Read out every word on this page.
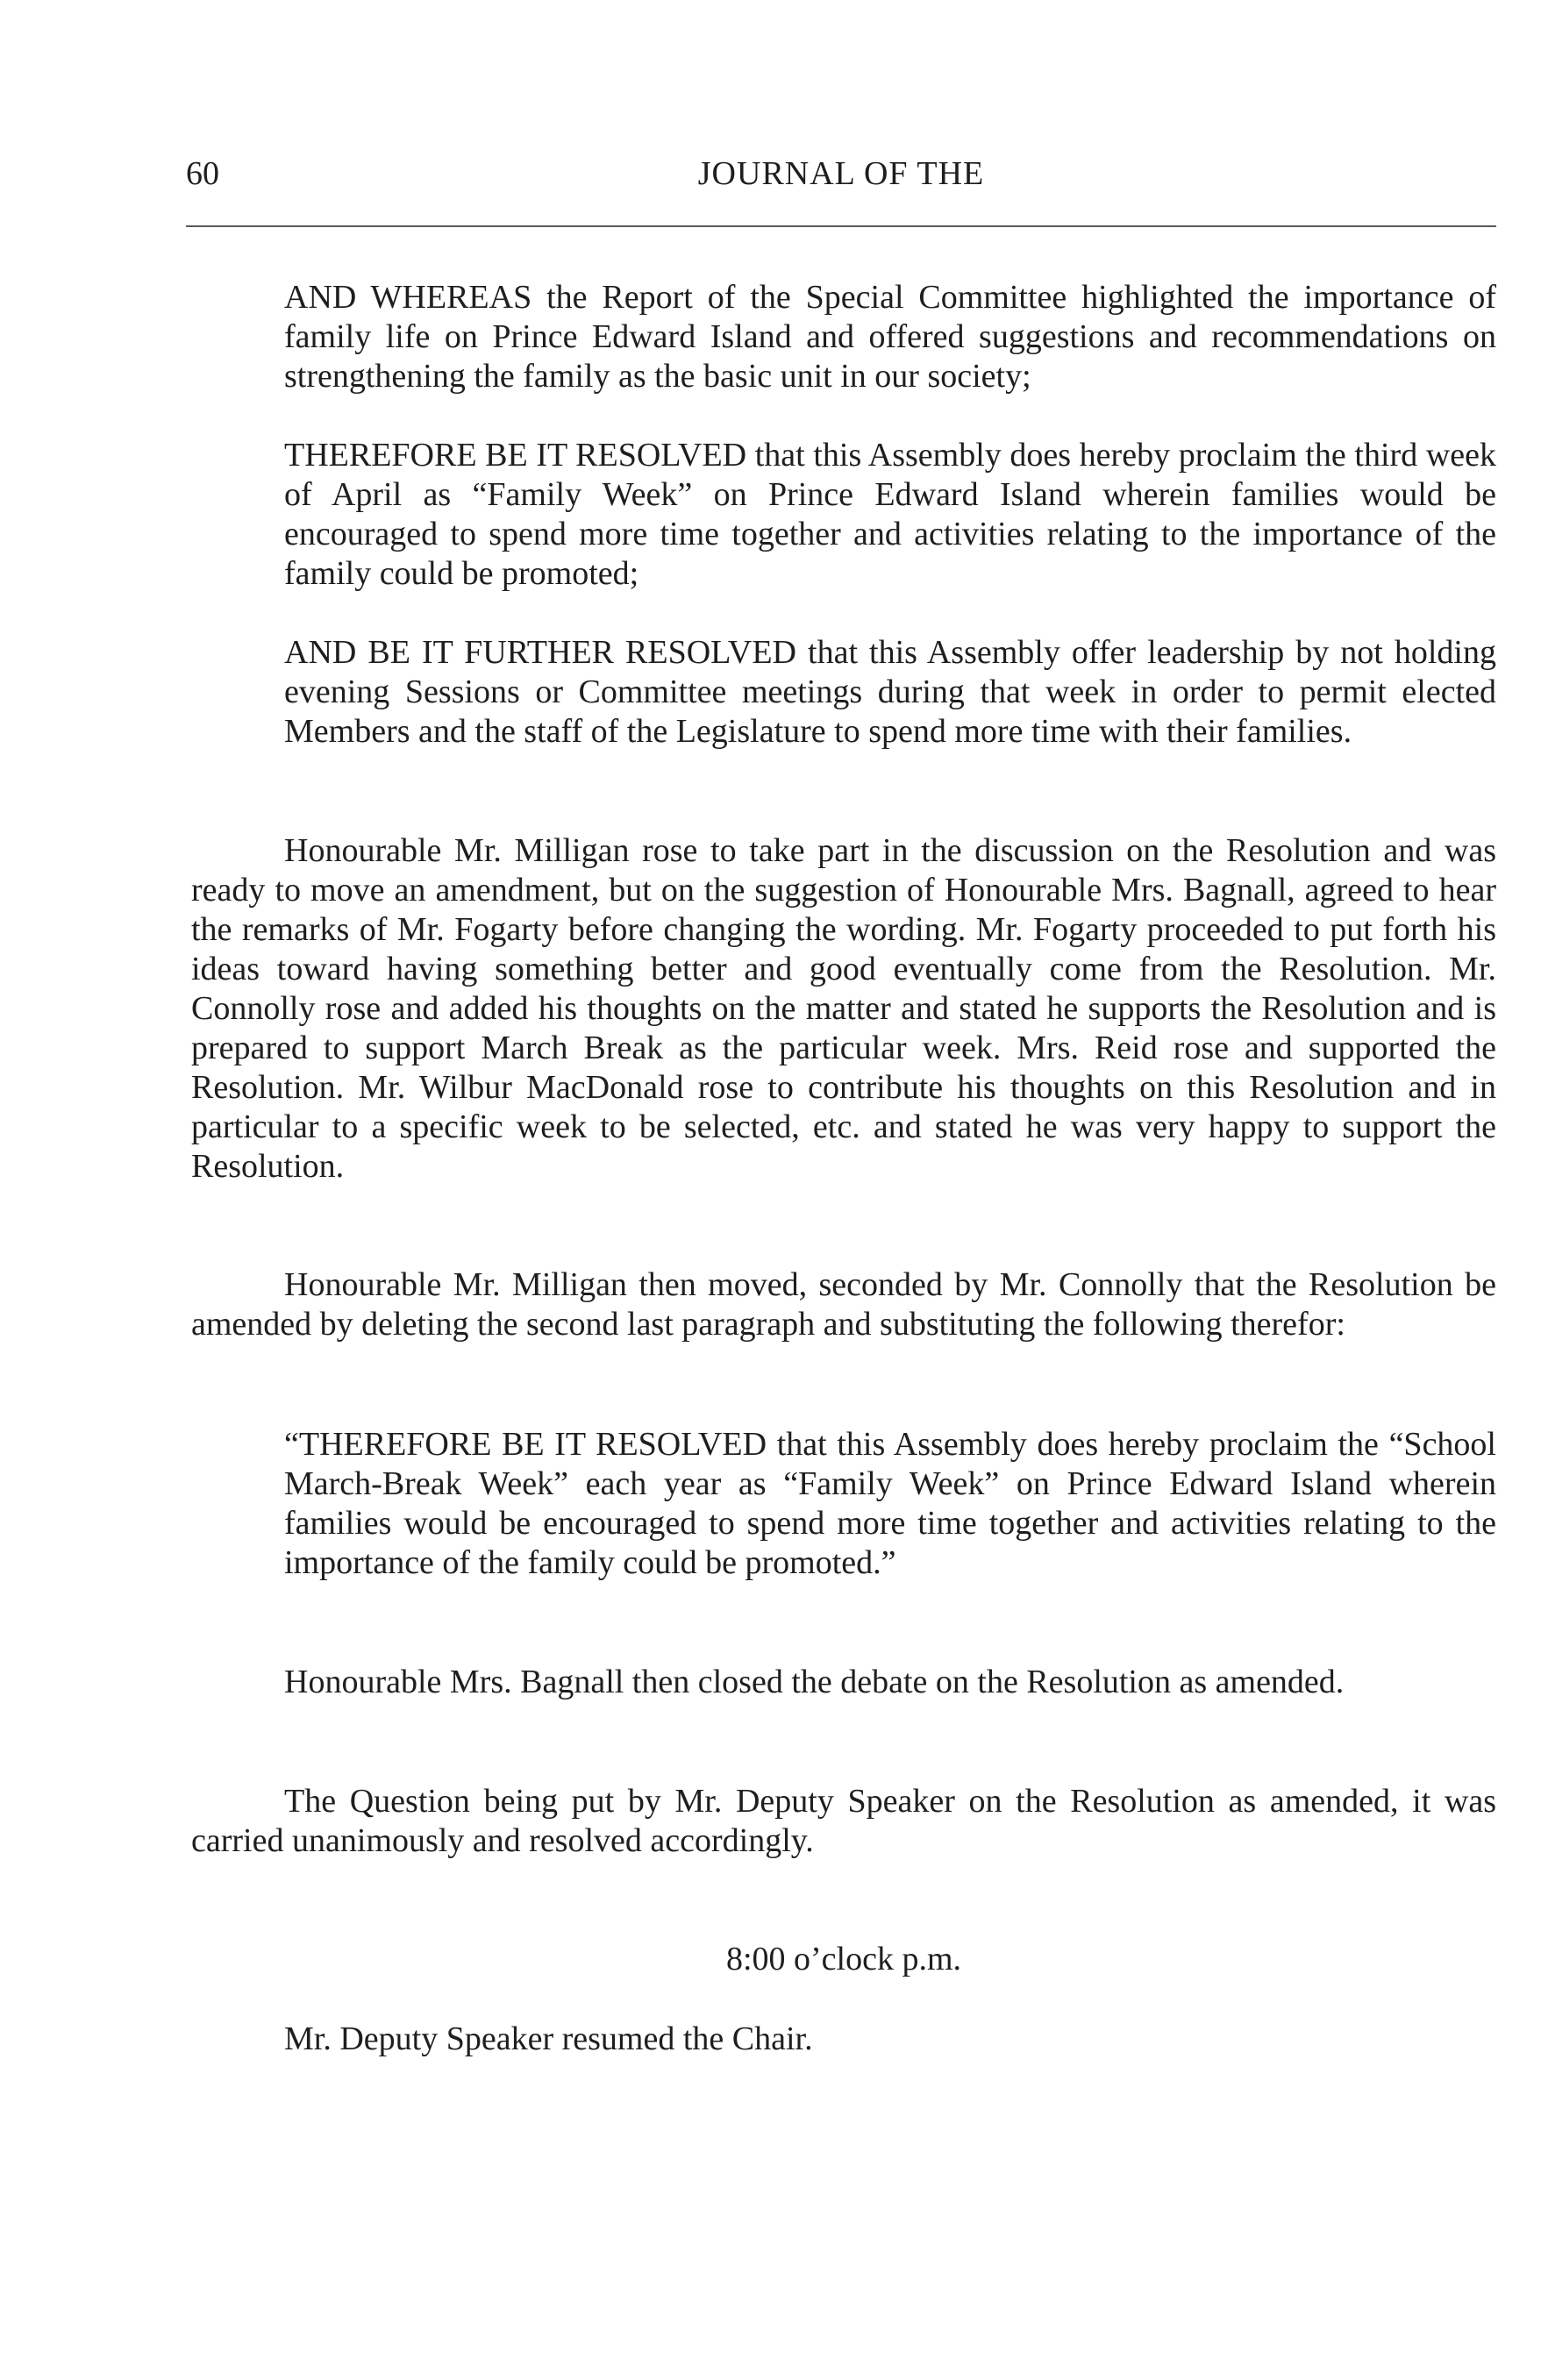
60	JOURNAL OF THE

AND WHEREAS the Report of the Special Committee highlighted the importance of family life on Prince Edward Island and offered suggestions and recommendations on strengthening the family as the basic unit in our society;

THEREFORE BE IT RESOLVED that this Assembly does hereby proclaim the third week of April as “Family Week” on Prince Edward Island wherein families would be encouraged to spend more time together and activities relating to the importance of the family could be promoted;

AND BE IT FURTHER RESOLVED that this Assembly offer leadership by not holding evening Sessions or Committee meetings during that week in order to permit elected Members and the staff of the Legislature to spend more time with their families.

Honourable Mr. Milligan rose to take part in the discussion on the Resolution and was ready to move an amendment, but on the suggestion of Honourable Mrs. Bagnall, agreed to hear the remarks of Mr. Fogarty before changing the wording. Mr. Fogarty proceeded to put forth his ideas toward having something better and good eventually come from the Resolution. Mr. Connolly rose and added his thoughts on the matter and stated he supports the Resolution and is prepared to support March Break as the particular week. Mrs. Reid rose and supported the Resolution. Mr. Wilbur MacDonald rose to contribute his thoughts on this Resolution and in particular to a specific week to be selected, etc. and stated he was very happy to support the Resolution.

Honourable Mr. Milligan then moved, seconded by Mr. Connolly that the Resolution be amended by deleting the second last paragraph and substituting the following therefor:

“THEREFORE BE IT RESOLVED that this Assembly does hereby proclaim the “School March-Break Week” each year as “Family Week” on Prince Edward Island wherein families would be encouraged to spend more time together and activities relating to the importance of the family could be promoted.”

Honourable Mrs. Bagnall then closed the debate on the Resolution as amended.

The Question being put by Mr. Deputy Speaker on the Resolution as amended, it was carried unanimously and resolved accordingly.

8:00 o’clock p.m.

Mr. Deputy Speaker resumed the Chair.
